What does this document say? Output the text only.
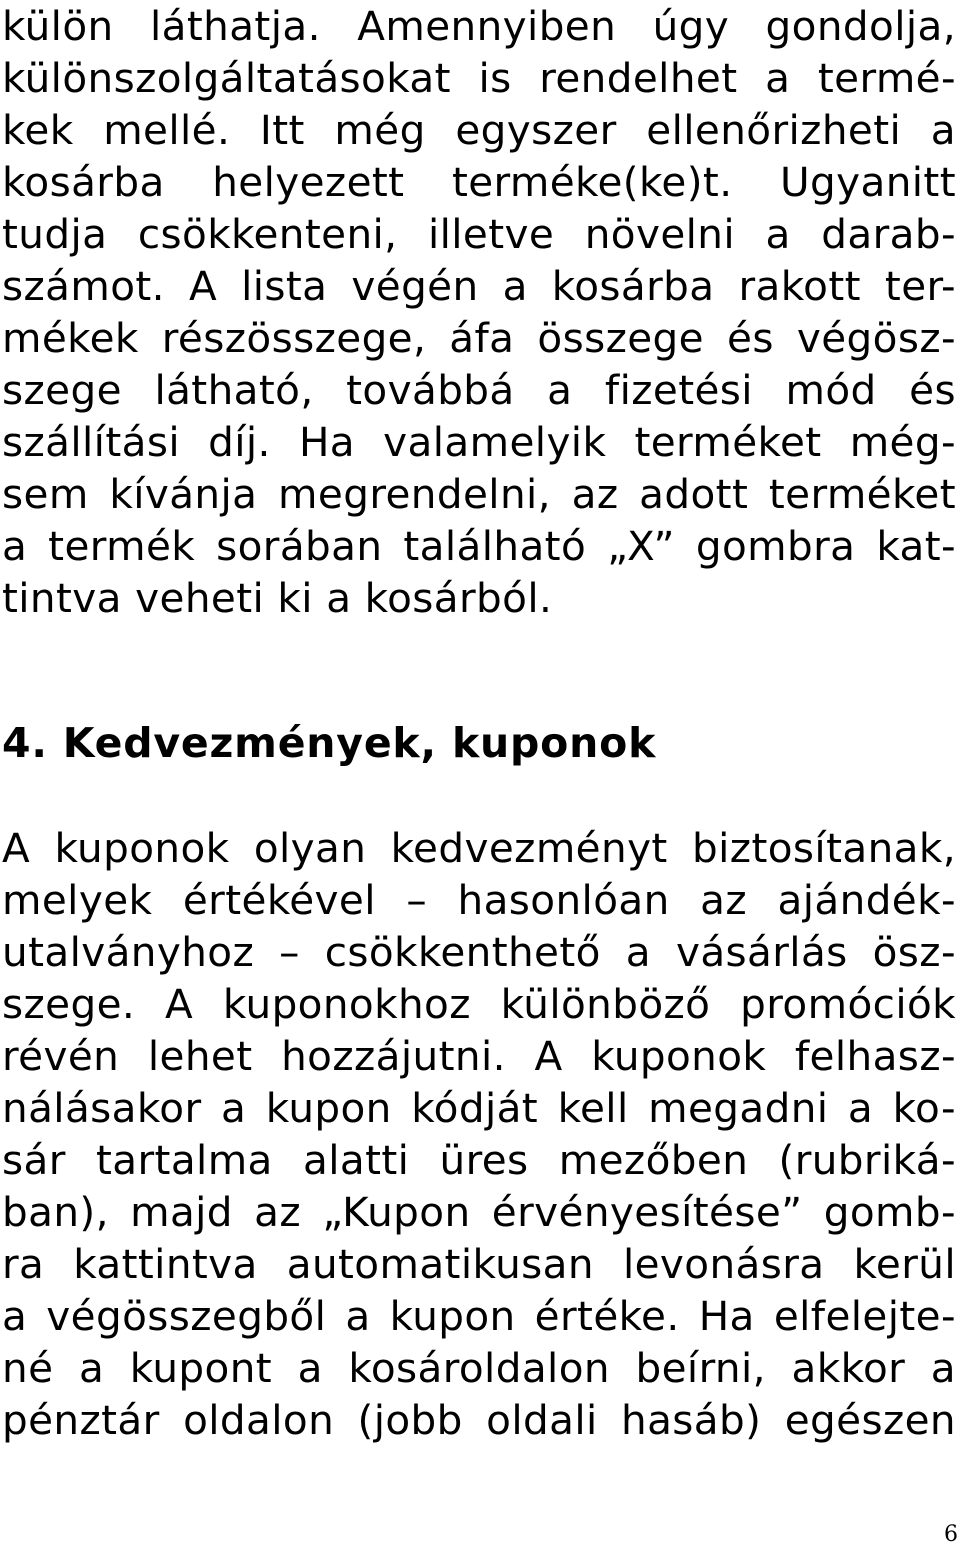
külön láthatja. Amennyiben úgy gondolja,
különszolgáltatásokat is rendelhet a termé-
kek mellé. Itt még egyszer ellenőrizheti a
kosárba helyezett terméke(ke)t. Ugyanitt
tudja csökkenteni, illetve növelni a darab-
számot. A lista végén a kosárba rakott ter-
mékek részösszege, áfa összege és végösz-
szege látható, továbbá a fizetési mód és
szállítási díj. Ha valamelyik terméket még-
sem kívánja megrendelni, az adott terméket
a termék sorában található „X” gombra kat-
tintva veheti ki a kosárból.
4. Kedvezmények, kuponok
A kuponok olyan kedvezményt biztosítanak,
melyek értékével – hasonlóan az ajándék-
utalványhoz – csökkenthető a vásárlás ösz-
szege. A kuponokhoz különböző promóciók
révén lehet hozzájutni. A kuponok felhasz-
nálásakor a kupon kódját kell megadni a ko-
sár tartalma alatti üres mezőben (rubriká-
ban), majd az „Kupon érvényesítése” gomb-
ra kattintva automatikusan levonásra kerül
a végösszegből a kupon értéke. Ha elfelejte-
né a kupont a kosároldalon beírni, akkor a
pénztár oldalon (jobb oldali hasáb) egészen
6
